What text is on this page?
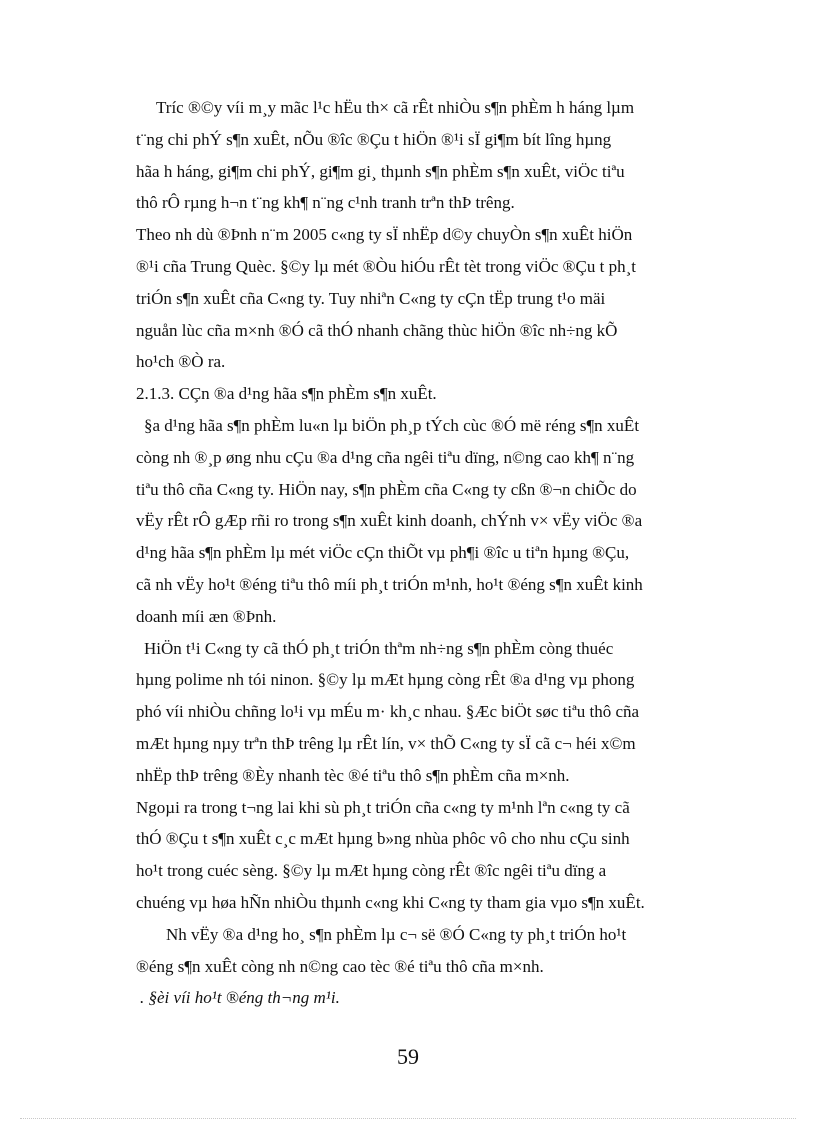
Tríc ®©y víi m¸y mãc l¹c hËu th× cã rÊt nhiÒu s¶n phÈm h háng lµm
t¨ng chi phÝ s¶n xuÊt, nÕu ®îc ®Çu t hiÖn ®¹i sÏ gi¶m bít lîng hµng
hãa h háng, gi¶m chi phÝ, gi¶m gi¸ thµnh s¶n phÈm s¶n xuÊt, viÖc tiªu
thô rÔ rµng h¬n t¨ng kh¶ n¨ng c¹nh tranh trªn thÞ trêng.
Theo nh dù ®Þnh n¨m 2005 c«ng ty sÏ nhËp d©y chuyÒn s¶n xuÊt hiÖn
®¹i cña Trung Quèc. §©y lµ mét ®Òu hiÓu rÊt tèt trong viÖc ®Çu t ph¸t
triÓn s¶n xuÊt cña C«ng ty. Tuy nhiªn C«ng ty cÇn tËp trung t¹o mäi
nguån lùc cña m×nh ®Ó cã thÓ nhanh chãng thùc hiÖn ®îc nh÷ng kÕ
ho¹ch ®Ò ra.
2.1.3. CÇn ®a d¹ng hãa s¶n phÈm s¶n xuÊt.
§a d¹ng hãa s¶n phÈm lu«n lµ biÖn ph¸p tÝch cùc ®Ó më réng s¶n xuÊt
còng nh ®¸p øng nhu cÇu ®a d¹ng cña ngêi tiªu dïng, n©ng cao kh¶ n¨ng
tiªu thô cña C«ng ty. HiÖn nay, s¶n phÈm cña C«ng ty cßn ®¬n chiÕc do
vËy rÊt rÔ gÆp rñi ro trong s¶n xuÊt kinh doanh, chÝnh v× vËy viÖc ®a
d¹ng hãa s¶n phÈm lµ mét viÖc cÇn thiÕt vµ ph¶i ®îc u tiªn hµng ®Çu,
cã nh vËy ho¹t ®éng tiªu thô míi ph¸t triÓn m¹nh, ho¹t ®éng s¶n xuÊt kinh
doanh míi æn ®Þnh.
HiÖn t¹i C«ng ty cã thÓ ph¸t triÓn thªm nh÷ng s¶n phÈm còng thuéc
hµng polime nh tói ninon. §©y lµ mÆt hµng còng rÊt ®a d¹ng vµ phong
phó víi nhiÒu chñng lo¹i vµ mÉu m· kh¸c nhau. §Æc biÖt søc tiªu thô cña
mÆt hµng nµy trªn thÞ trêng lµ rÊt lín, v× thÕ C«ng ty sÏ cã c¬ héi x©m
nhËp thÞ trêng ®Èy nhanh tèc ®é tiªu thô s¶n phÈm cña m×nh.
Ngoµi ra trong t¬ng lai khi sù ph¸t triÓn cña c«ng ty m¹nh lªn c«ng ty cã
thÓ ®Çu t s¶n xuÊt c¸c mÆt hµng b»ng nhùa phôc vô cho nhu cÇu sinh
ho¹t trong cuéc sèng. §©y lµ mÆt hµng còng rÊt ®îc ngêi tiªu dïng a
chuéng vµ høa hÑn nhiÒu thµnh c«ng khi C«ng ty tham gia vµo s¶n xuÊt.
Nh vËy ®a d¹ng ho¸ s¶n phÈm lµ c¬ së ®Ó C«ng ty ph¸t triÓn ho¹t
®éng s¶n xuÊt còng nh n©ng cao tèc ®é tiªu thô cña m×nh.
. §èi víi ho¹t ®éng th¬ng m¹i.
59
